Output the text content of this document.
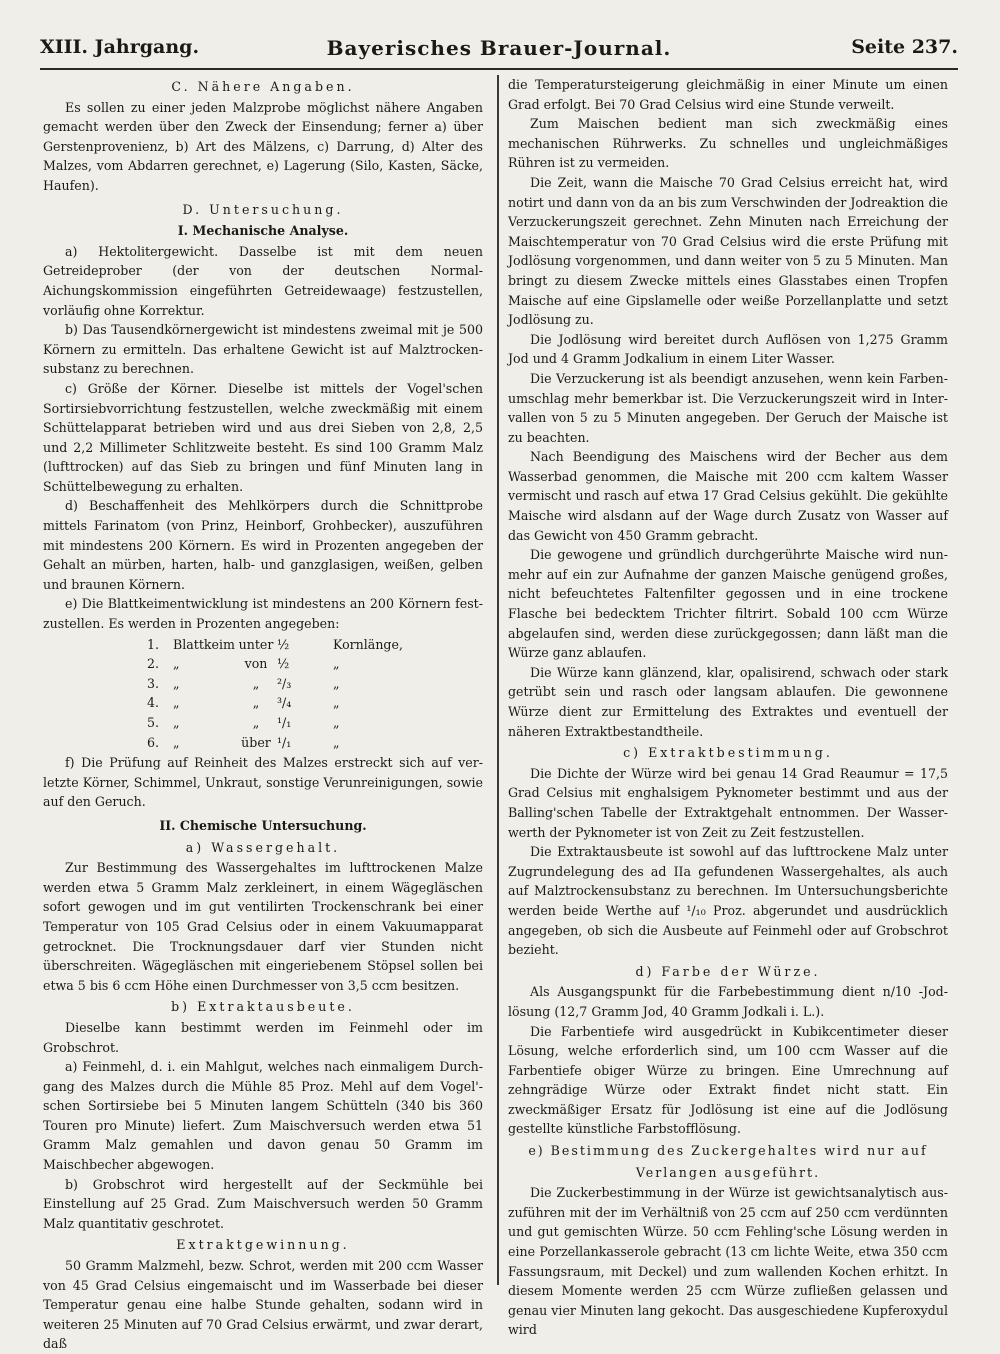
XIII. Jahrgang.	Bayerisches Brauer-Journal.	Seite 237.
C. Nähere Angaben.

Es sollen zu einer jeden Malzprobe möglichst nähere Angaben gemacht werden über den Zweck der Einsendung; ferner a) über Gerstenprovenienz, b) Art des Mälzens, c) Darrung, d) Alter des Malzes, vom Abdarren gerechnet, e) Lagerung (Silo, Kasten, Säcke, Haufen).

D. Untersuchung.
I. Mechanische Analyse.

a) Hektolitergewicht. Dasselbe ist mit dem neuen Getreideprober (der von der deutschen Normal-Aichungskommission eingeführten Getreidewaage) festzustellen, vorläufig ohne Korrektur.

b) Das Tausendkörnergewicht ist mindestens zweimal mit je 500 Körnern zu ermitteln. Das erhaltene Gewicht ist auf Malztrockensubstanz zu berechnen.

c) Größe der Körner. Dieselbe ist mittels der Vogel'schen Sortirsiebvorrichtung festzustellen, welche zweckmäßig mit einem Schüttelapparat betrieben wird und aus drei Sieben von 2,8, 2,5 und 2,2 Millimeter Schlitzweite besteht. Es sind 100 Gramm Malz (lufttrocken) auf das Sieb zu bringen und fünf Minuten lang in Schüttelbewegung zu erhalten.

d) Beschaffenheit des Mehlkörpers durch die Schnittprobe mittels Farinatom (von Prinz, Heinborf, Grohbecker), auszuführen mit mindestens 200 Körnern. Es wird in Prozenten angegeben der Gehalt an mürben, harten, halb- und ganzglasigen, weißen, gelben und braunen Körnern.

e) Die Blattkeimentwicklung ist mindestens an 200 Körnern festzustellen. Es werden in Prozenten angegeben:

1.	Blattkeim	unter	½	Kornlänge,
2.	„	von	½	„
3.	„	„	²/₃	„
4.	„	„	³/₄	„
5.	„	„	¹/₁	„
6.	„	über	¹/₁	„

f) Die Prüfung auf Reinheit des Malzes erstreckt sich auf verletzte Körner, Schimmel, Unkraut, sonstige Verunreinigungen, sowie auf den Geruch.

II. Chemische Untersuchung.
a) Wassergehalt.

Zur Bestimmung des Wassergehaltes im lufttrockenen Malze werden etwa 5 Gramm Malz zerkleinert, in einem Wägegläschen sofort gewogen und im gut ventilirten Trockenschrank bei einer Temperatur von 105 Grad Celsius oder in einem Vakuumapparat getrocknet. Die Trocknungsdauer darf vier Stunden nicht überschreiten. Wägegläschen mit eingeriebenem Stöpsel sollen bei etwa 5 bis 6 ccm Höhe einen Durchmesser von 3,5 ccm besitzen.

b) Extraktausbeute.

Dieselbe kann bestimmt werden im Feinmehl oder im Grobschrot.

a) Feinmehl, d. i. ein Mahlgut, welches nach einmaligem Durchgang des Malzes durch die Mühle 85 Proz. Mehl auf dem Vogel'schen Sortirsiebe bei 5 Minuten langem Schütteln (340 bis 360 Touren pro Minute) liefert. Zum Maischversuch werden etwa 51 Gramm Malz gemahlen und davon genau 50 Gramm im Maischbecher abgewogen.

b) Grobschrot wird hergestellt auf der Seckmühle bei Einstellung auf 25 Grad. Zum Maischversuch werden 50 Gramm Malz quantitativ geschrotet.

Extraktgewinnung.

50 Gramm Malzmehl, bezw. Schrot, werden mit 200 ccm Wasser von 45 Grad Celsius eingemaischt und im Wasserbade bei dieser Temperatur genau eine halbe Stunde gehalten, sodann wird in weiteren 25 Minuten auf 70 Grad Celsius erwärmt, und zwar derart, daß

die Temperatursteigerung gleichmäßig in einer Minute um einen Grad erfolgt. Bei 70 Grad Celsius wird eine Stunde verweilt.

Zum Maischen bedient man sich zweckmäßig eines mechanischen Rührwerks. Zu schnelles und ungleichmäßiges Rühren ist zu vermeiden.

Die Zeit, wann die Maische 70 Grad Celsius erreicht hat, wird notirt und dann von da an bis zum Verschwinden der Jodreaktion die Verzuckerungszeit gerechnet. Zehn Minuten nach Erreichung der Maischtemperatur von 70 Grad Celsius wird die erste Prüfung mit Jodlösung vorgenommen, und dann weiter von 5 zu 5 Minuten. Man bringt zu diesem Zwecke mittels eines Glasstabes einen Tropfen Maische auf eine Gipslamelle oder weiße Porzellanplatte und setzt Jodlösung zu.

Die Jodlösung wird bereitet durch Auflösen von 1,275 Gramm Jod und 4 Gramm Jodkalium in einem Liter Wasser.

Die Verzuckerung ist als beendigt anzusehen, wenn kein Farbenumschlag mehr bemerkbar ist. Die Verzuckerungszeit wird in Intervallen von 5 zu 5 Minuten angegeben. Der Geruch der Maische ist zu beachten.

Nach Beendigung des Maischens wird der Becher aus dem Wasserbad genommen, die Maische mit 200 ccm kaltem Wasser vermischt und rasch auf etwa 17 Grad Celsius gekühlt. Die gekühlte Maische wird alsdann auf der Wage durch Zusatz von Wasser auf das Gewicht von 450 Gramm gebracht.

Die gewogene und gründlich durchgerührte Maische wird nunmehr auf ein zur Aufnahme der ganzen Maische genügend großes, nicht befeuchtetes Faltenfilter gegossen und in eine trockene Flasche bei bedecktem Trichter filtrirt. Sobald 100 ccm Würze abgelaufen sind, werden diese zurückgegossen; dann läßt man die Würze ganz ablaufen.

Die Würze kann glänzend, klar, opalisirend, schwach oder stark getrübt sein und rasch oder langsam ablaufen. Die gewonnene Würze dient zur Ermittelung des Extraktes und eventuell der näheren Extraktbestandtheile.

c) Extraktbestimmung.

Die Dichte der Würze wird bei genau 14 Grad Reaumur = 17,5 Grad Celsius mit enghalsigem Pyknometer bestimmt und aus der Balling'schen Tabelle der Extraktgehalt entnommen. Der Wasserwerth der Pyknometer ist von Zeit zu Zeit festzustellen.

Die Extraktausbeute ist sowohl auf das lufttrockene Malz unter Zugrundelegung des ad IIa gefundenen Wassergehaltes, als auch auf Malztrockensubstanz zu berechnen. Im Untersuchungsberichte werden beide Werthe auf ¹/₁₀ Proz. abgerundet und ausdrücklich angegeben, ob sich die Ausbeute auf Feinmehl oder auf Grobschrot bezieht.

d) Farbe der Würze.

Als Ausgangspunkt für die Farbebestimmung dient n/10 -Jodlösung (12,7 Gramm Jod, 40 Gramm Jodkali i. L.).

Die Farbentiefe wird ausgedrückt in Kubikcentimeter dieser Lösung, welche erforderlich sind, um 100 ccm Wasser auf die Farbentiefe obiger Würze zu bringen. Eine Umrechnung auf zehngrädige Würze oder Extrakt findet nicht statt. Ein zweckmäßiger Ersatz für Jodlösung ist eine auf die Jodlösung gestellte künstliche Farbstofflösung.

e) Bestimmung des Zuckergehaltes wird nur auf
Verlangen ausgeführt.

Die Zuckerbestimmung in der Würze ist gewichtsanalytisch auszuführen mit der im Verhältniß von 25 ccm auf 250 ccm verdünnten und gut gemischten Würze. 50 ccm Fehling'sche Lösung werden in eine Porzellankasserole gebracht (13 cm lichte Weite, etwa 350 ccm Fassungsraum, mit Deckel) und zum wallenden Kochen erhitzt. In diesem Momente werden 25 ccm Würze zufließen gelassen und genau vier Minuten lang gekocht. Das ausgeschiedene Kupferoxydul wird
